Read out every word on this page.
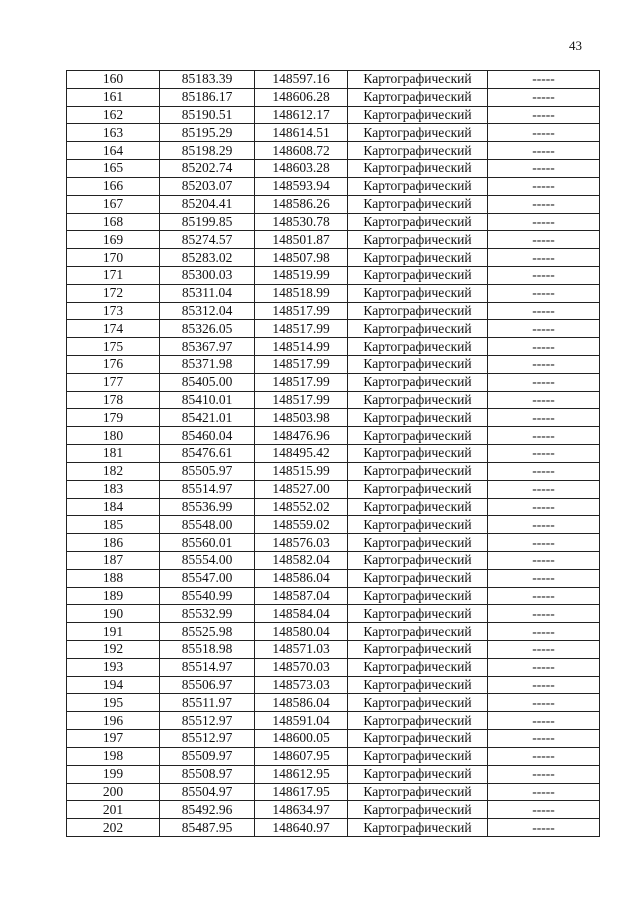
43
160	85183.39	148597.16	Картографический	-----
161	85186.17	148606.28	Картографический	-----
162	85190.51	148612.17	Картографический	-----
163	85195.29	148614.51	Картографический	-----
164	85198.29	148608.72	Картографический	-----
165	85202.74	148603.28	Картографический	-----
166	85203.07	148593.94	Картографический	-----
167	85204.41	148586.26	Картографический	-----
168	85199.85	148530.78	Картографический	-----
169	85274.57	148501.87	Картографический	-----
170	85283.02	148507.98	Картографический	-----
171	85300.03	148519.99	Картографический	-----
172	85311.04	148518.99	Картографический	-----
173	85312.04	148517.99	Картографический	-----
174	85326.05	148517.99	Картографический	-----
175	85367.97	148514.99	Картографический	-----
176	85371.98	148517.99	Картографический	-----
177	85405.00	148517.99	Картографический	-----
178	85410.01	148517.99	Картографический	-----
179	85421.01	148503.98	Картографический	-----
180	85460.04	148476.96	Картографический	-----
181	85476.61	148495.42	Картографический	-----
182	85505.97	148515.99	Картографический	-----
183	85514.97	148527.00	Картографический	-----
184	85536.99	148552.02	Картографический	-----
185	85548.00	148559.02	Картографический	-----
186	85560.01	148576.03	Картографический	-----
187	85554.00	148582.04	Картографический	-----
188	85547.00	148586.04	Картографический	-----
189	85540.99	148587.04	Картографический	-----
190	85532.99	148584.04	Картографический	-----
191	85525.98	148580.04	Картографический	-----
192	85518.98	148571.03	Картографический	-----
193	85514.97	148570.03	Картографический	-----
194	85506.97	148573.03	Картографический	-----
195	85511.97	148586.04	Картографический	-----
196	85512.97	148591.04	Картографический	-----
197	85512.97	148600.05	Картографический	-----
198	85509.97	148607.95	Картографический	-----
199	85508.97	148612.95	Картографический	-----
200	85504.97	148617.95	Картографический	-----
201	85492.96	148634.97	Картографический	-----
202	85487.95	148640.97	Картографический	-----
